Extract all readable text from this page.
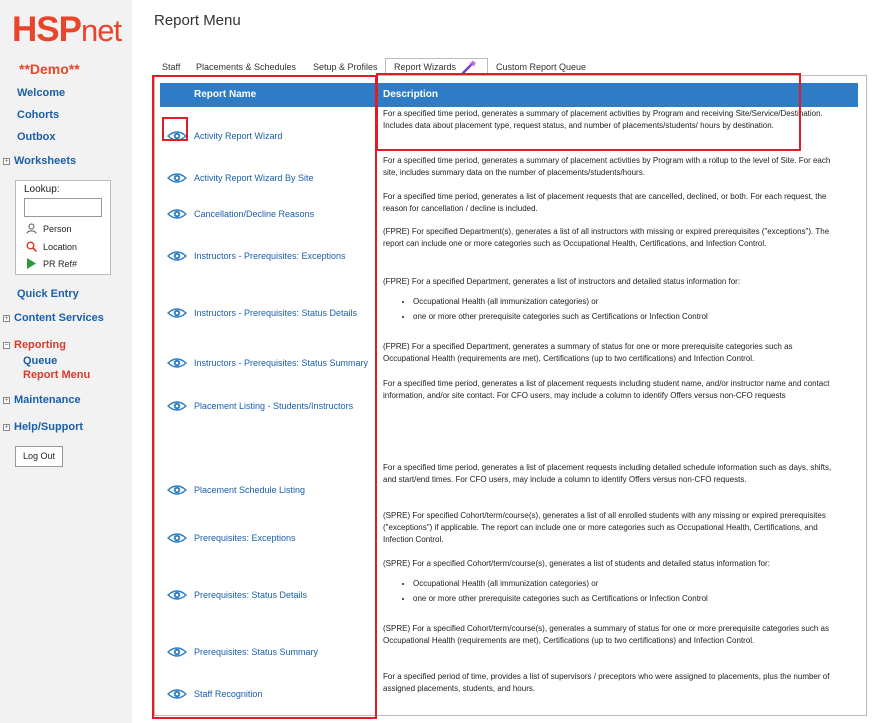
HSPnet
**Demo**
Welcome
Cohorts
Outbox
+ Worksheets
Lookup:
Person
Location
PR Ref#
Quick Entry
+ Content Services
− Reporting
Queue
Report Menu
+ Maintenance
+ Help/Support
Log Out
Report Menu
Staff Placements & Schedules Setup & Profiles Report Wizards	Custom Report Queue
Report Name	Description
Activity Report Wizard
For a specified time period, generates a summary of placement activities by Program and receiving Site/Service/Destination. Includes data about placement type, request status, and number of placements/students/ hours by destination.
Activity Report Wizard By Site
For a specified time period, generates a summary of placement activities by Program with a rollup to the level of Site. For each site, includes summary data on the number of placements/students/hours.
Cancellation/Decline Reasons
For a specified time period, generates a list of placement requests that are cancelled, declined, or both. For each request, the reason for cancellation / decline is included.
Instructors - Prerequisites: Exceptions
(FPRE) For specified Department(s), generates a list of all instructors with missing or expired prerequisites ("exceptions"). The report can include one or more categories such as Occupational Health, Certifications, and Infection Control.
Instructors - Prerequisites: Status Details
(FPRE) For a specified Department, generates a list of instructors and detailed status information for:
• Occupational Health (all immunization categories) or
• one or more other prerequisite categories such as Certifications or Infection Control
Instructors - Prerequisites: Status Summary
(FPRE) For a specified Department, generates a summary of status for one or more prerequisite categories such as Occupational Health (requirements are met), Certifications (up to two certifications) and Infection Control.
Placement Listing - Students/Instructors
For a specified time period, generates a list of placement requests including student name, and/or instructor name and contact information, and/or site contact. For CFO users, may include a column to identify Offers versus non-CFO requests
Placement Schedule Listing
For a specified time period, generates a list of placement requests including detailed schedule information such as days, shifts, and start/end times. For CFO users, may include a column to identify Offers versus non-CFO requests.
Prerequisites: Exceptions
(SPRE) For specified Cohort/term/course(s), generates a list of all enrolled students with any missing or expired prerequisites ("exceptions") if applicable. The report can include one or more categories such as Occupational Health, Certifications, and Infection Control.
Prerequisites: Status Details
(SPRE) For a specified Cohort/term/course(s), generates a list of students and detailed status information for:
• Occupational Health (all immunization categories) or
• one or more other prerequisite categories such as Certifications or Infection Control
Prerequisites: Status Summary
(SPRE) For a specified Cohort/term/course(s), generates a summary of status for one or more prerequisite categories such as Occupational Health (requirements are met), Certifications (up to two certifications) and Infection Control.
Staff Recognition
For a specified period of time, provides a list of supervisors / preceptors who were assigned to placements, plus the number of assigned placements, students, and hours.
